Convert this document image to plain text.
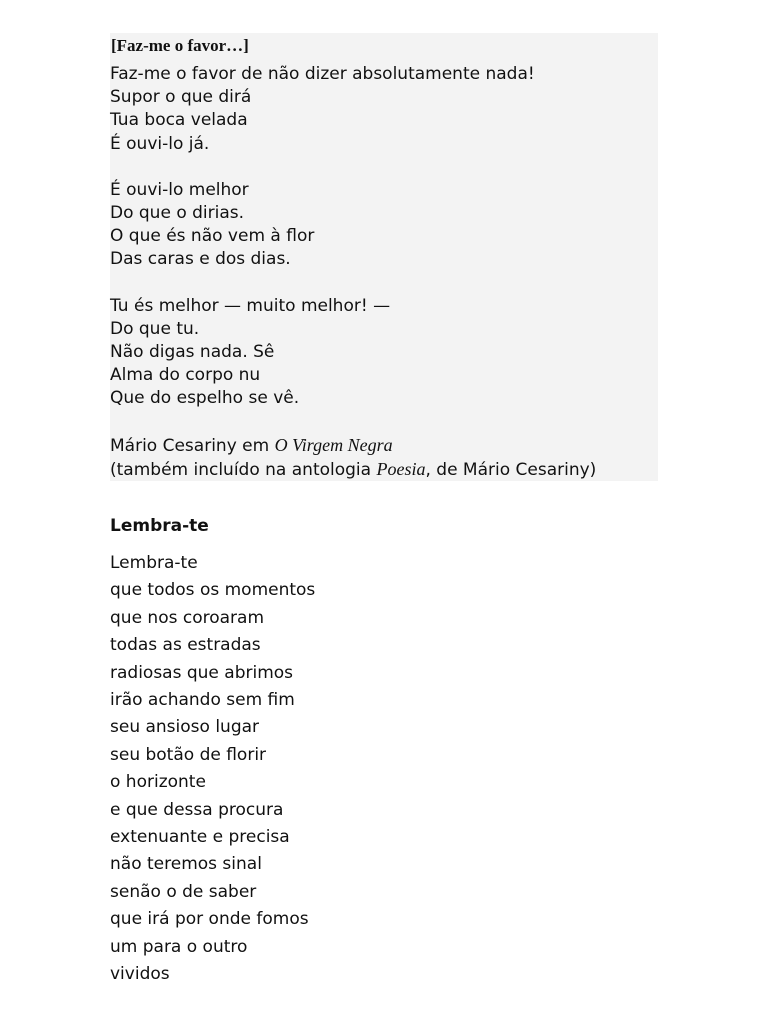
[Faz-me o favor…]
Faz-me o favor de não dizer absolutamente nada!
Supor o que dirá
Tua boca velada
É ouvi-lo já.
É ouvi-lo melhor
Do que o dirias.
O que és não vem à flor
Das caras e dos dias.
Tu és melhor — muito melhor! —
Do que tu.
Não digas nada. Sê
Alma do corpo nu
Que do espelho se vê.
Mário Cesariny em O Virgem Negra
(também incluído na antologia Poesia, de Mário Cesariny)
Lembra-te
Lembra-te
que todos os momentos
que nos coroaram
todas as estradas
radiosas que abrimos
irão achando sem fim
seu ansioso lugar
seu botão de florir
o horizonte
e que dessa procura
extenuante e precisa
não teremos sinal
senão o de saber
que irá por onde fomos
um para o outro
vividos
